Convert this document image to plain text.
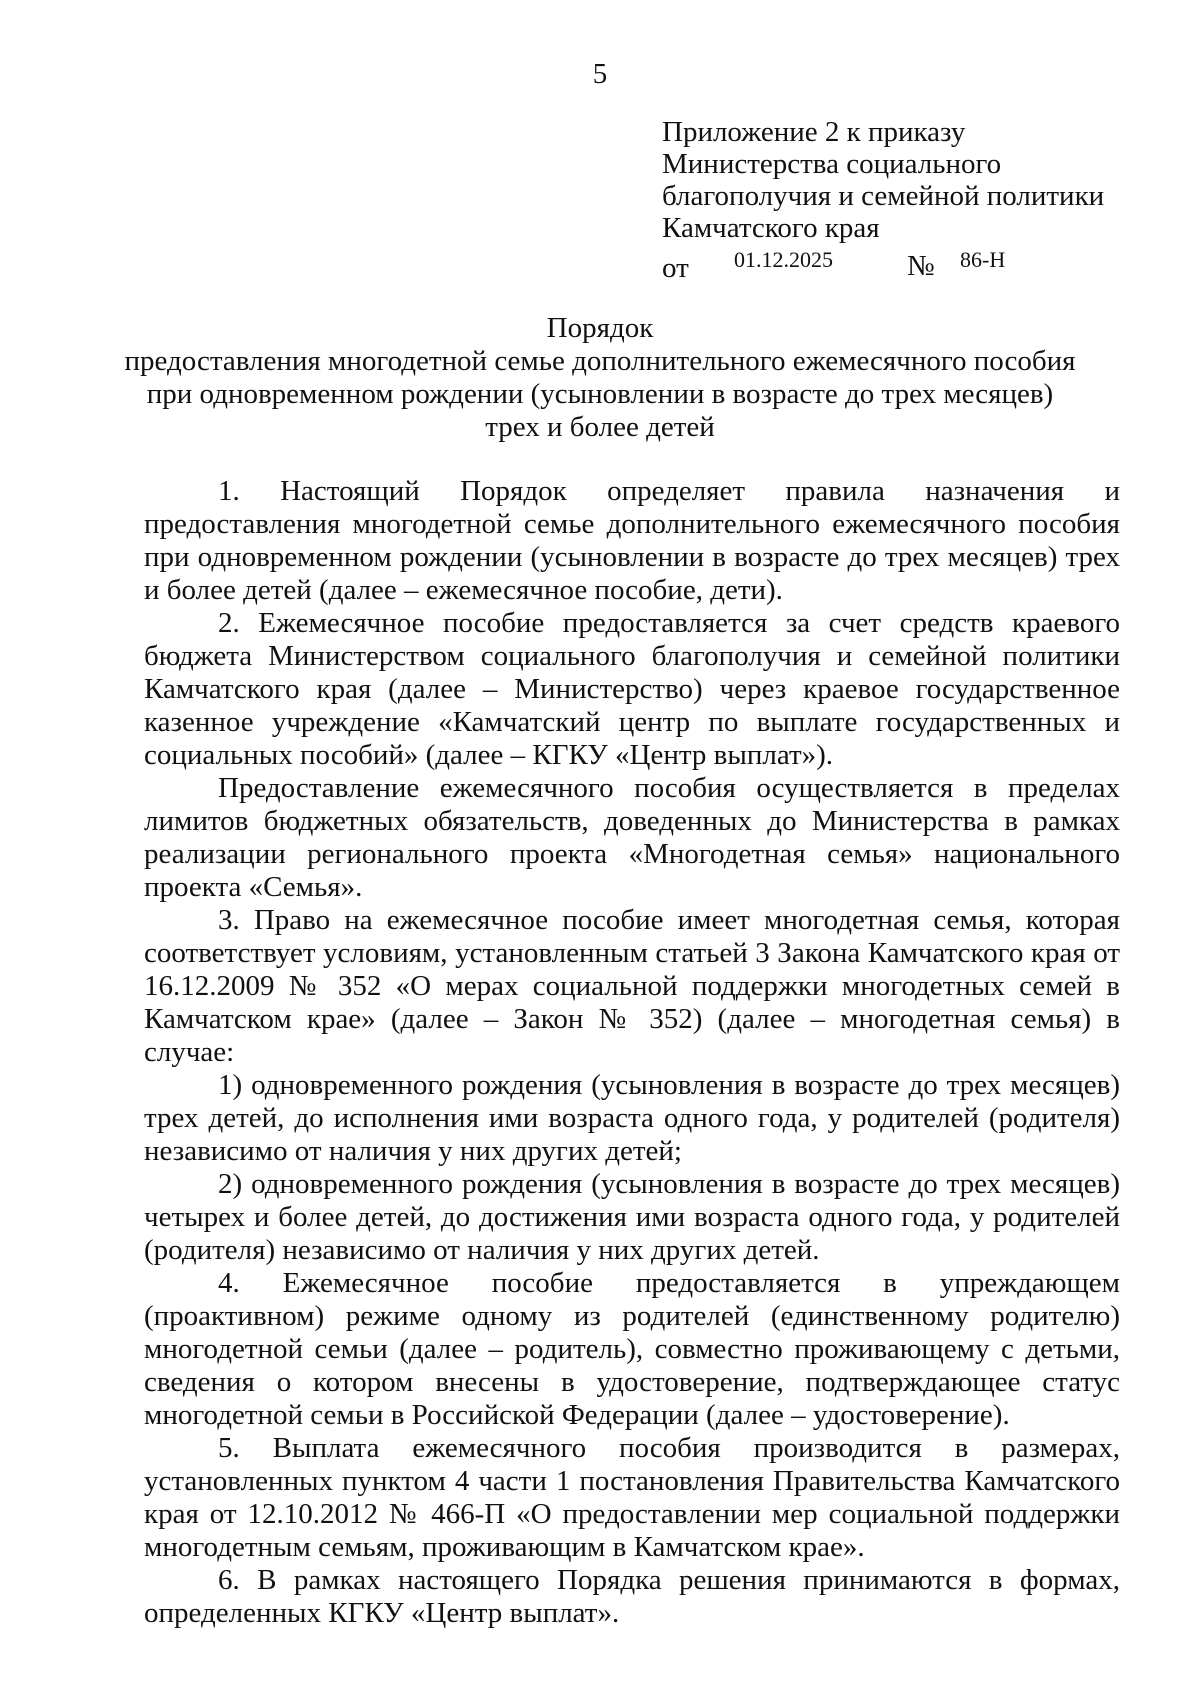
5
Приложение 2 к приказу
Министерства социального
благополучия и семейной политики
Камчатского края
от 01.12.2025	№ 86-Н
Порядок
предоставления многодетной семье дополнительного ежемесячного пособия
при одновременном рождении (усыновлении в возрасте до трех месяцев)
трех и более детей

1. Настоящий Порядок определяет правила назначения и предоставления многодетной семье дополнительного ежемесячного пособия при одновременном рождении (усыновлении в возрасте до трех месяцев) трех и более детей (далее – ежемесячное пособие, дети).

2. Ежемесячное пособие предоставляется за счет средств краевого бюджета Министерством социального благополучия и семейной политики Камчатского края (далее – Министерство) через краевое государственное казенное учреждение «Камчатский центр по выплате государственных и социальных пособий» (далее – КГКУ «Центр выплат»).

Предоставление ежемесячного пособия осуществляется в пределах лимитов бюджетных обязательств, доведенных до Министерства в рамках реализации регионального проекта «Многодетная семья» национального проекта «Семья».

3. Право на ежемесячное пособие имеет многодетная семья, которая соответствует условиям, установленным статьей 3 Закона Камчатского края от 16.12.2009 № 352 «О мерах социальной поддержки многодетных семей в Камчатском крае» (далее – Закон № 352) (далее – многодетная семья) в случае:

1) одновременного рождения (усыновления в возрасте до трех месяцев) трех детей, до исполнения ими возраста одного года, у родителей (родителя) независимо от наличия у них других детей;

2) одновременного рождения (усыновления в возрасте до трех месяцев) четырех и более детей, до достижения ими возраста одного года, у родителей (родителя) независимо от наличия у них других детей.

4. Ежемесячное пособие предоставляется в упреждающем (проактивном) режиме одному из родителей (единственному родителю) многодетной семьи (далее – родитель), совместно проживающему с детьми, сведения о котором внесены в удостоверение, подтверждающее статус многодетной семьи в Российской Федерации (далее – удостоверение).

5. Выплата ежемесячного пособия производится в размерах, установленных пунктом 4 части 1 постановления Правительства Камчатского края от 12.10.2012 № 466-П «О предоставлении мер социальной поддержки многодетным семьям, проживающим в Камчатском крае».

6. В рамках настоящего Порядка решения принимаются в формах, определенных КГКУ «Центр выплат».
